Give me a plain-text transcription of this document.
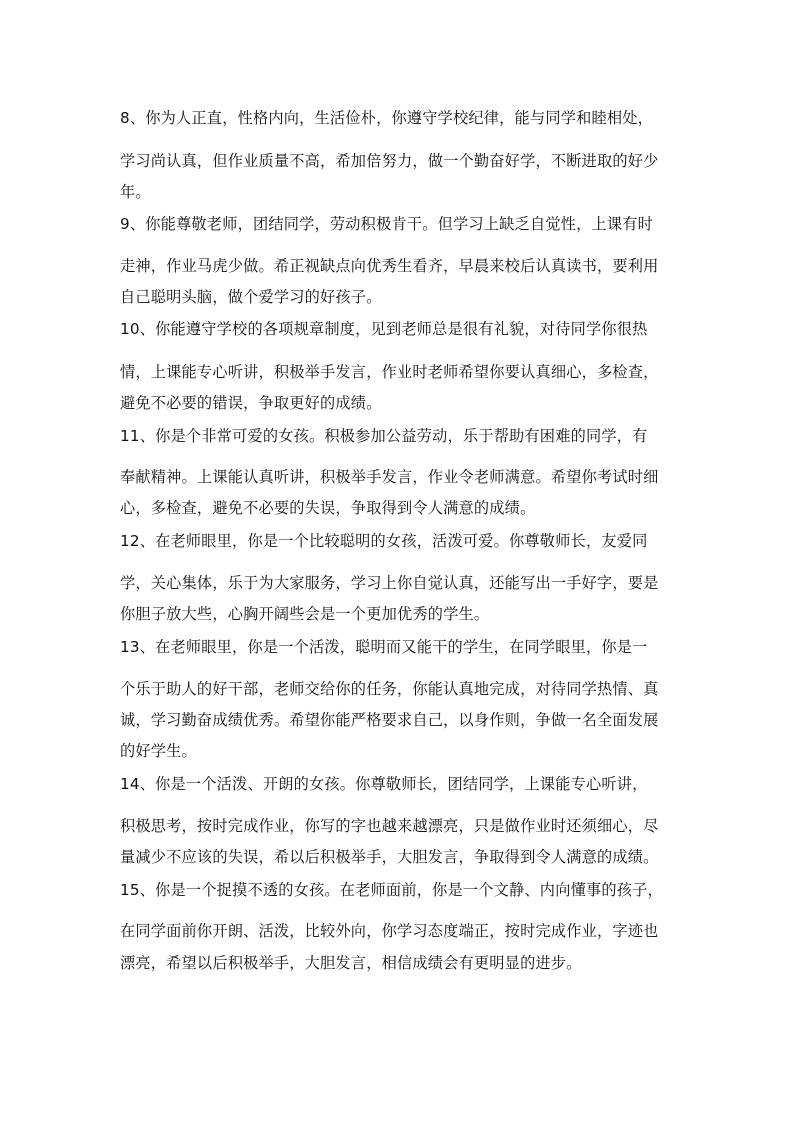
8、你为人正直，性格内向，生活俭朴，你遵守学校纪律，能与同学和睦相处，
学习尚认真，但作业质量不高，希加倍努力，做一个勤奋好学，不断进取的好少
年。
9、你能尊敬老师，团结同学，劳动积极肯干。但学习上缺乏自觉性，上课有时
走神，作业马虎少做。希正视缺点向优秀生看齐，早晨来校后认真读书，要利用
自己聪明头脑，做个爱学习的好孩子。
10、你能遵守学校的各项规章制度，见到老师总是很有礼貌，对待同学你很热
情，上课能专心听讲，积极举手发言，作业时老师希望你要认真细心，多检查，
避免不必要的错误，争取更好的成绩。
11、你是个非常可爱的女孩。积极参加公益劳动，乐于帮助有困难的同学，有
奉献精神。上课能认真听讲，积极举手发言，作业令老师满意。希望你考试时细
心，多检查，避免不必要的失误，争取得到令人满意的成绩。
12、在老师眼里，你是一个比较聪明的女孩，活泼可爱。你尊敬师长，友爱同
学，关心集体，乐于为大家服务，学习上你自觉认真，还能写出一手好字，要是
你胆子放大些，心胸开阔些会是一个更加优秀的学生。
13、在老师眼里，你是一个活泼，聪明而又能干的学生，在同学眼里，你是一
个乐于助人的好干部，老师交给你的任务，你能认真地完成，对待同学热情、真
诚，学习勤奋成绩优秀。希望你能严格要求自己，以身作则，争做一名全面发展
的好学生。
14、你是一个活泼、开朗的女孩。你尊敬师长，团结同学，上课能专心听讲，
积极思考，按时完成作业，你写的字也越来越漂亮，只是做作业时还须细心，尽
量减少不应该的失误，希以后积极举手，大胆发言，争取得到令人满意的成绩。
15、你是一个捉摸不透的女孩。在老师面前，你是一个文静、内向懂事的孩子，
在同学面前你开朗、活泼，比较外向，你学习态度端正，按时完成作业，字迹也
漂亮，希望以后积极举手，大胆发言，相信成绩会有更明显的进步。
